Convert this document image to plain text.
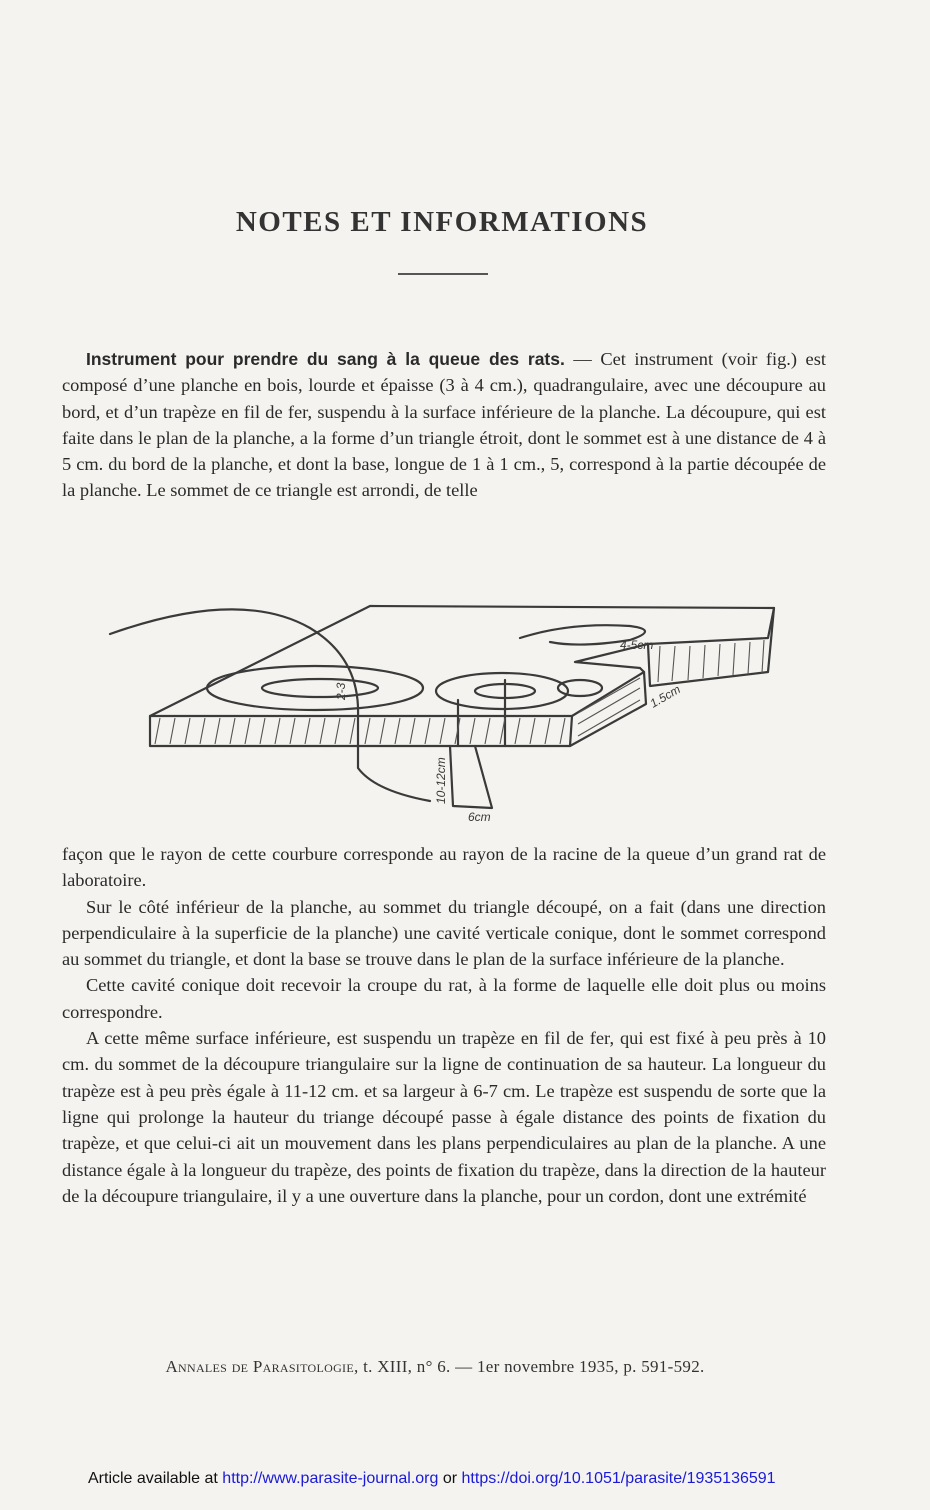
NOTES ET INFORMATIONS

Instrument pour prendre du sang à la queue des rats. — Cet instrument (voir fig.) est composé d’une planche en bois, lourde et épaisse (3 à 4 cm.), quadrangulaire, avec une découpure au bord, et d’un trapèze en fil de fer, suspendu à la surface inférieure de la planche. La découpure, qui est faite dans le plan de la planche, a la forme d’un triangle étroit, dont le sommet est à une distance de 4 à 5 cm. du bord de la planche, et dont la base, longue de 1 à 1 cm., 5, correspond à la partie découpée de la planche. Le sommet de ce triangle est arrondi, de telle

4-5cm
1.5cm
2-3
10-12cm
6cm

façon que le rayon de cette courbure corresponde au rayon de la racine de la queue d’un grand rat de laboratoire.

Sur le côté inférieur de la planche, au sommet du triangle découpé, on a fait (dans une direction perpendiculaire à la superficie de la planche) une cavité verticale conique, dont le sommet correspond au sommet du triangle, et dont la base se trouve dans le plan de la surface inférieure de la planche.

Cette cavité conique doit recevoir la croupe du rat, à la forme de laquelle elle doit plus ou moins correspondre.

A cette même surface inférieure, est suspendu un trapèze en fil de fer, qui est fixé à peu près à 10 cm. du sommet de la découpure triangulaire sur la ligne de continuation de sa hauteur. La longueur du trapèze est à peu près égale à 11-12 cm. et sa largeur à 6-7 cm. Le trapèze est suspendu de sorte que la ligne qui prolonge la hauteur du triange découpé passe à égale distance des points de fixation du trapèze, et que celui-ci ait un mouvement dans les plans perpendiculaires au plan de la planche. A une distance égale à la longueur du trapèze, des points de fixation du trapèze, dans la direction de la hauteur de la découpure triangulaire, il y a une ouverture dans la planche, pour un cordon, dont une extrémité

Annales de Parasitologie, t. XIII, n° 6. — 1er novembre 1935, p. 591-592.
Article available at http://www.parasite-journal.org or https://doi.org/10.1051/parasite/1935136591
